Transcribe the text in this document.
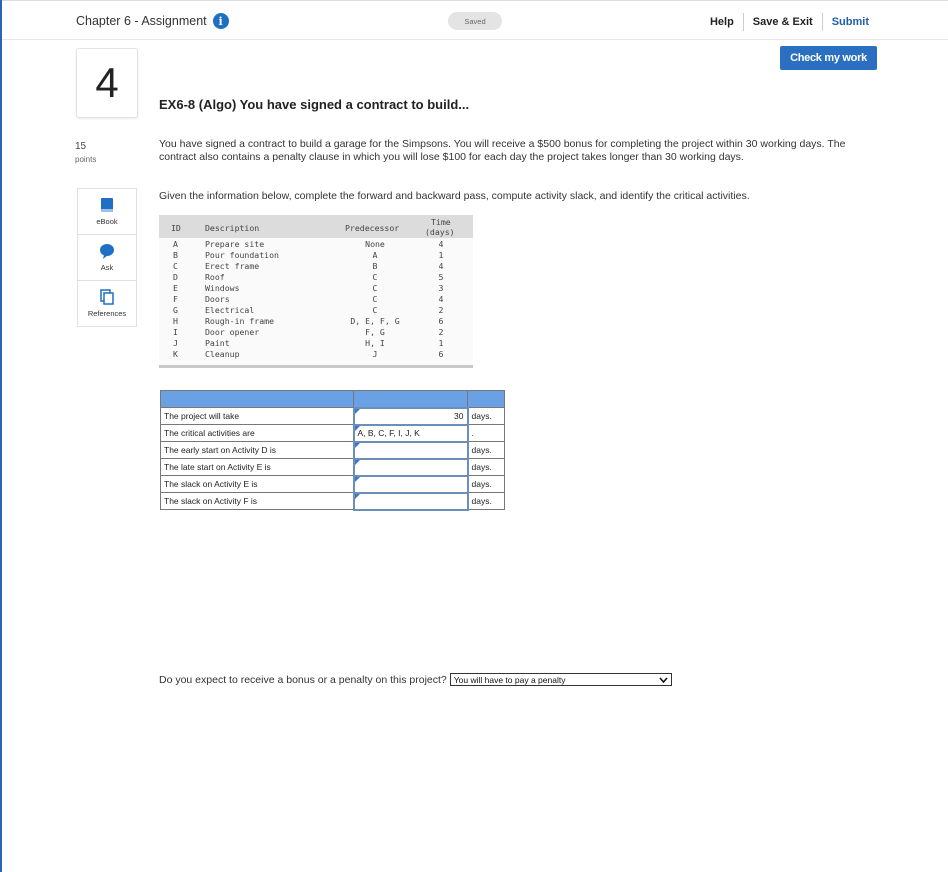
Chapter 6 - Assignment	i	Saved	Help	Save & Exit	Submit
Check my work
4	EX6-8 (Algo) You have signed a contract to build...
15
points
eBook
Ask
References
You have signed a contract to build a garage for the Simpsons. You will receive a $500 bonus for completing the project within 30 working days. The contract also contains a penalty clause in which you will lose $100 for each day the project takes longer than 30 working days.
Given the information below, complete the forward and backward pass, compute activity slack, and identify the critical activities.
ID	Description	Predecessor
Time
(days)
A	Prepare site	None	4
B	Pour foundation	A	1
C	Erect frame	B	4
D	Roof	C	5
E	Windows	C	3
F	Doors	C	4
G	Electrical	C	2
H	Rough-in frame	D, E, F, G	6
I	Door opener	F, G	2
J	Paint	H, I	1
K	Cleanup	J	6

The project will take	30	days.
The critical activities are	A, B, C, F, I, J, K	.
The early start on Activity D is		days.
The late start on Activity E is		days.
The slack on Activity E is		days.
The slack on Activity F is		days.
Do you expect to receive a bonus or a penalty on this project? You will have to pay a penalty
